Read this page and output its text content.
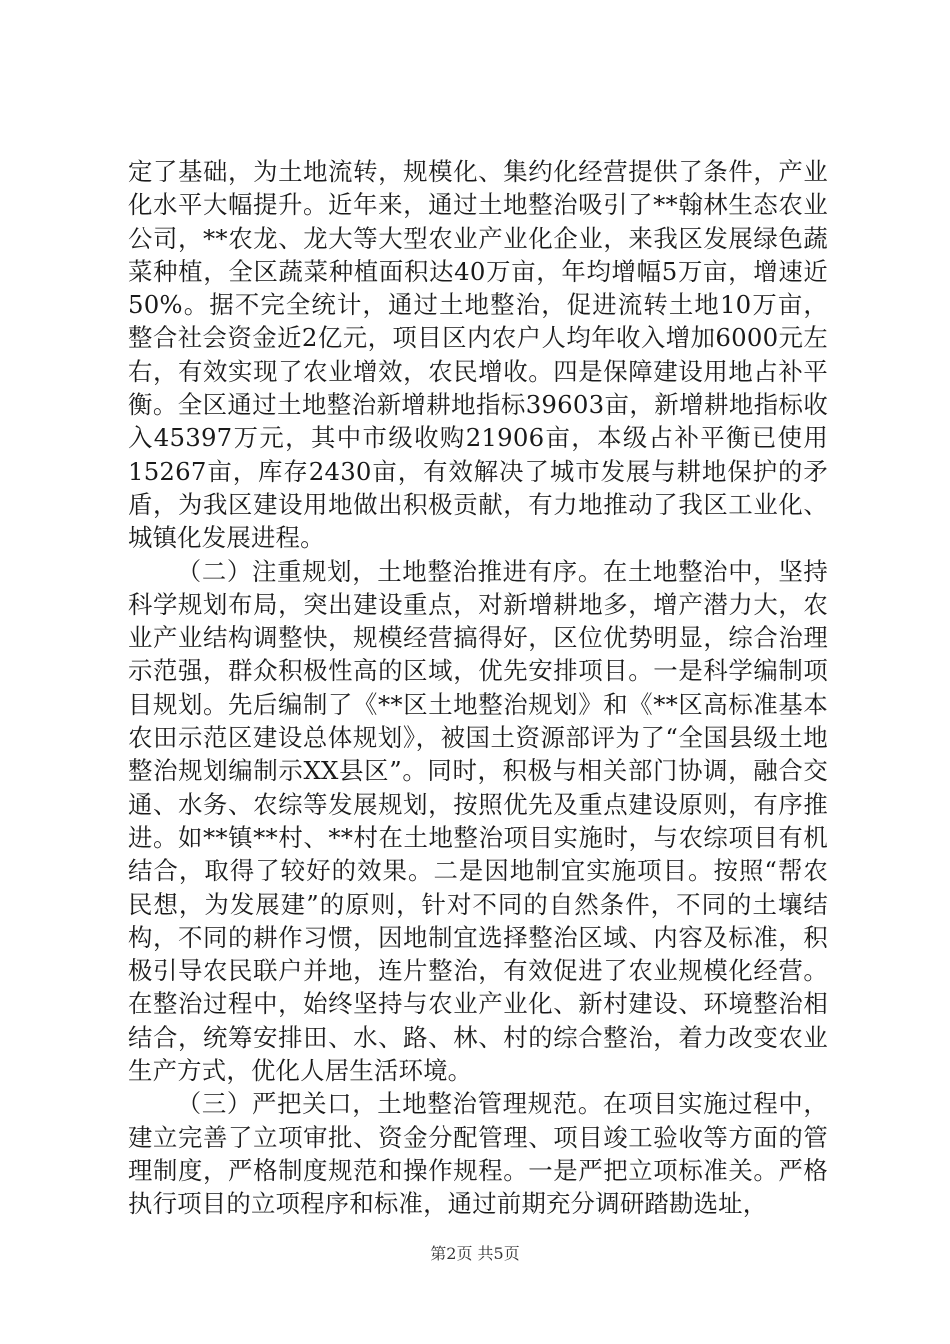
定了基础，为土地流转，规模化、集约化经营提供了条件，产业化水平大幅提升。近年来，通过土地整治吸引了**翰林生态农业公司，**农龙、龙大等大型农业产业化企业，来我区发展绿色蔬菜种植，全区蔬菜种植面积达40万亩，年均增幅5万亩，增速近50%。据不完全统计，通过土地整治，促进流转土地10万亩，整合社会资金近2亿元，项目区内农户人均年收入增加6000元左右，有效实现了农业增效，农民增收。四是保障建设用地占补平衡。全区通过土地整治新增耕地指标39603亩，新增耕地指标收入45397万元，其中市级收购21906亩，本级占补平衡已使用15267亩，库存2430亩，有效解决了城市发展与耕地保护的矛盾，为我区建设用地做出积极贡献，有力地推动了我区工业化、城镇化发展进程。

（二）注重规划，土地整治推进有序。在土地整治中，坚持科学规划布局，突出建设重点，对新增耕地多，增产潜力大，农业产业结构调整快，规模经营搞得好，区位优势明显，综合治理示范强，群众积极性高的区域，优先安排项目。一是科学编制项目规划。先后编制了《**区土地整治规划》和《**区高标准基本农田示范区建设总体规划》，被国土资源部评为了“全国县级土地整治规划编制示XX县区”。同时，积极与相关部门协调，融合交通、水务、农综等发展规划，按照优先及重点建设原则，有序推进。如**镇**村、**村在土地整治项目实施时，与农综项目有机结合，取得了较好的效果。二是因地制宜实施项目。按照“帮农民想，为发展建”的原则，针对不同的自然条件，不同的土壤结构，不同的耕作习惯，因地制宜选择整治区域、内容及标准，积极引导农民联户并地，连片整治，有效促进了农业规模化经营。在整治过程中，始终坚持与农业产业化、新村建设、环境整治相结合，统筹安排田、水、路、林、村的综合整治，着力改变农业生产方式，优化人居生活环境。

（三）严把关口，土地整治管理规范。在项目实施过程中，建立完善了立项审批、资金分配管理、项目竣工验收等方面的管理制度，严格制度规范和操作规程。一是严把立项标准关。严格执行项目的立项程序和标准，通过前期充分调研踏勘选址，

第2页 共5页
